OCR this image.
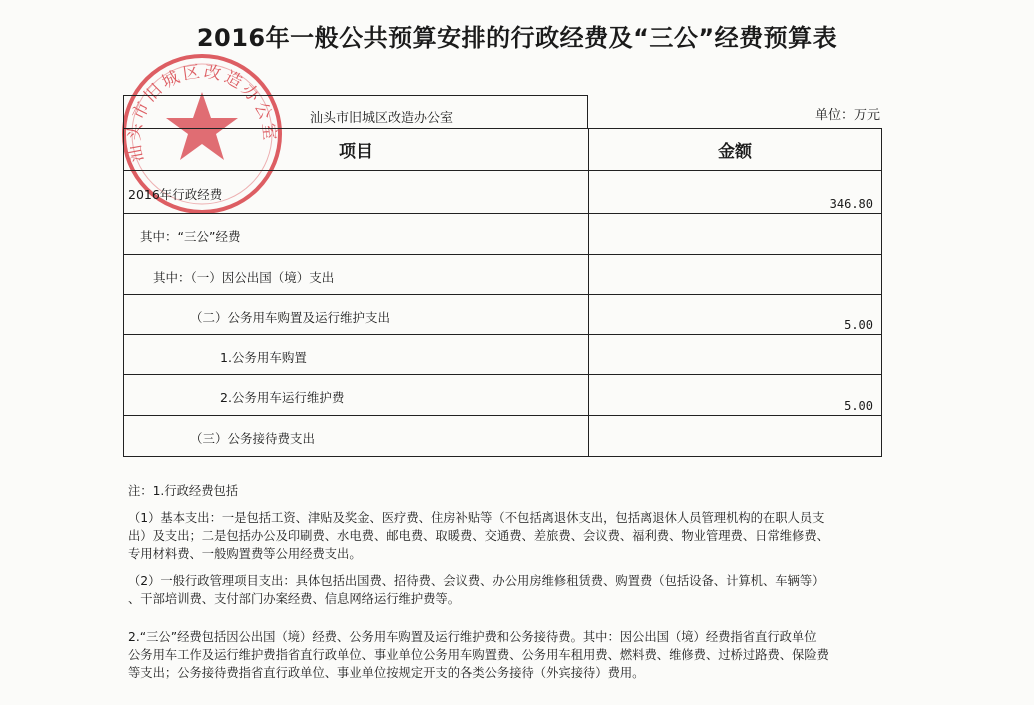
2016年一般公共预算安排的行政经费及“三公”经费预算表
汕头市旧城区改造办公室
单位：万元
汕头市旧城区改造办公室
项目	金额
2016年行政经费
346.80
其中：“三公”经费
其中：（一）因公出国（境）支出
（二）公务用车购置及运行维护支出	5.00
1.公务用车购置
2.公务用车运行维护费
5.00
（三）公务接待费支出

注：1.行政经费包括

（1）基本支出：一是包括工资、津贴及奖金、医疗费、住房补贴等（不包括离退休支出，包括离退休人员管理机构的在职人员支

出）及支出；二是包括办公及印刷费、水电费、邮电费、取暖费、交通费、差旅费、会议费、福利费、物业管理费、日常维修费、

专用材料费、一般购置费等公用经费支出。

（2）一般行政管理项目支出：具体包括出国费、招待费、会议费、办公用房维修租赁费、购置费（包括设备、计算机、车辆等）

、干部培训费、支付部门办案经费、信息网络运行维护费等。

2.“三公”经费包括因公出国（境）经费、公务用车购置及运行维护费和公务接待费。其中：因公出国（境）经费指省直行政单位

公务用车工作及运行维护费指省直行政单位、事业单位公务用车购置费、公务用车租用费、燃料费、维修费、过桥过路费、保险费

等支出；公务接待费指省直行政单位、事业单位按规定开支的各类公务接待（外宾接待）费用。
